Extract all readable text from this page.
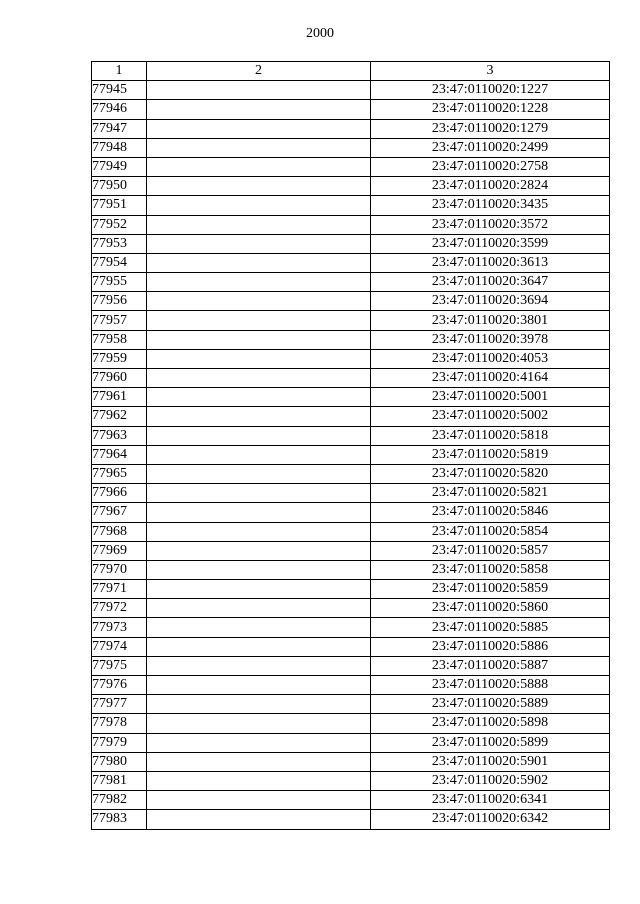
2000
1	2	3
77945		23:47:0110020:1227
77946		23:47:0110020:1228
77947		23:47:0110020:1279
77948		23:47:0110020:2499
77949		23:47:0110020:2758
77950		23:47:0110020:2824
77951		23:47:0110020:3435
77952		23:47:0110020:3572
77953		23:47:0110020:3599
77954		23:47:0110020:3613
77955		23:47:0110020:3647
77956		23:47:0110020:3694
77957		23:47:0110020:3801
77958		23:47:0110020:3978
77959		23:47:0110020:4053
77960		23:47:0110020:4164
77961		23:47:0110020:5001
77962		23:47:0110020:5002
77963		23:47:0110020:5818
77964		23:47:0110020:5819
77965		23:47:0110020:5820
77966		23:47:0110020:5821
77967		23:47:0110020:5846
77968		23:47:0110020:5854
77969		23:47:0110020:5857
77970		23:47:0110020:5858
77971		23:47:0110020:5859
77972		23:47:0110020:5860
77973		23:47:0110020:5885
77974		23:47:0110020:5886
77975		23:47:0110020:5887
77976		23:47:0110020:5888
77977		23:47:0110020:5889
77978		23:47:0110020:5898
77979		23:47:0110020:5899
77980		23:47:0110020:5901
77981		23:47:0110020:5902
77982		23:47:0110020:6341
77983		23:47:0110020:6342
